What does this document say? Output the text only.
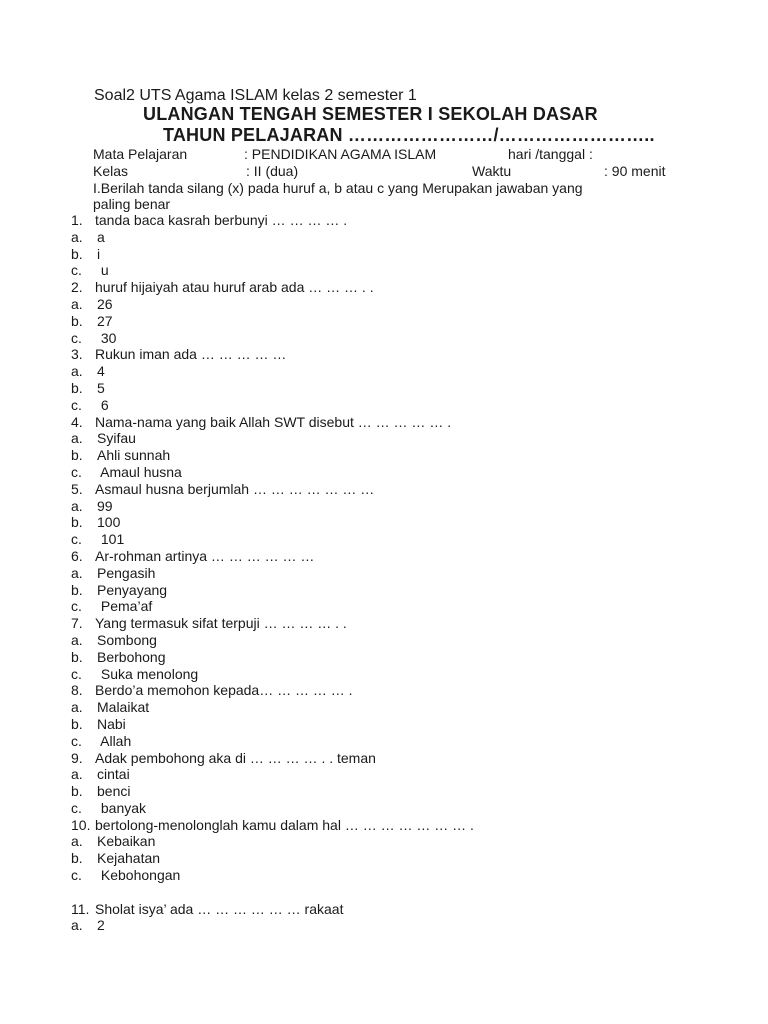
Soal2 UTS Agama ISLAM kelas 2 semester 1
ULANGAN TENGAH SEMESTER I SEKOLAH DASAR
TAHUN PELAJARAN ……………………/……………………..
Mata Pelajaran	: PENDIDIKAN AGAMA ISLAM	hari /tanggal :
Kelas	: II (dua)	Waktu	: 90 menit
I.Berilah tanda silang (x) pada huruf a, b atau c yang Merupakan jawaban yang
paling benar
1. tanda baca kasrah berbunyi … … … … .
a.	a
b.	i
c.	u
2. huruf hijaiyah atau huruf arab ada … … … . .
a.	26
b.	27
c.	30
3. Rukun iman ada … … … … …
a.	4
b.	5
c.	6
4. Nama-nama yang baik Allah SWT disebut … … … … … .
a.	Syifau
b.	Ahli sunnah
c.	Amaul husna
5. Asmaul husna berjumlah … … … … … … …
a.	99
b.	100
c.	101
6. Ar-rohman artinya … … … … … …
a.	Pengasih
b.	Penyayang
c.	Pema’af
7. Yang termasuk sifat terpuji … … … … . .
a.	Sombong
b.	Berbohong
c.	Suka menolong
8. Berdo’a memohon kepada… … … … … .
a.	Malaikat
b.	Nabi
c.	Allah
9. Adak pembohong aka di … … … … . . teman
a.	cintai
b.	benci
c.	banyak
10. bertolong-menolonglah kamu dalam hal … … … … … … … .
a.	Kebaikan
b.	Kejahatan
c.	Kebohongan
11. Sholat isya’ ada … … … … … … rakaat
a.	2
